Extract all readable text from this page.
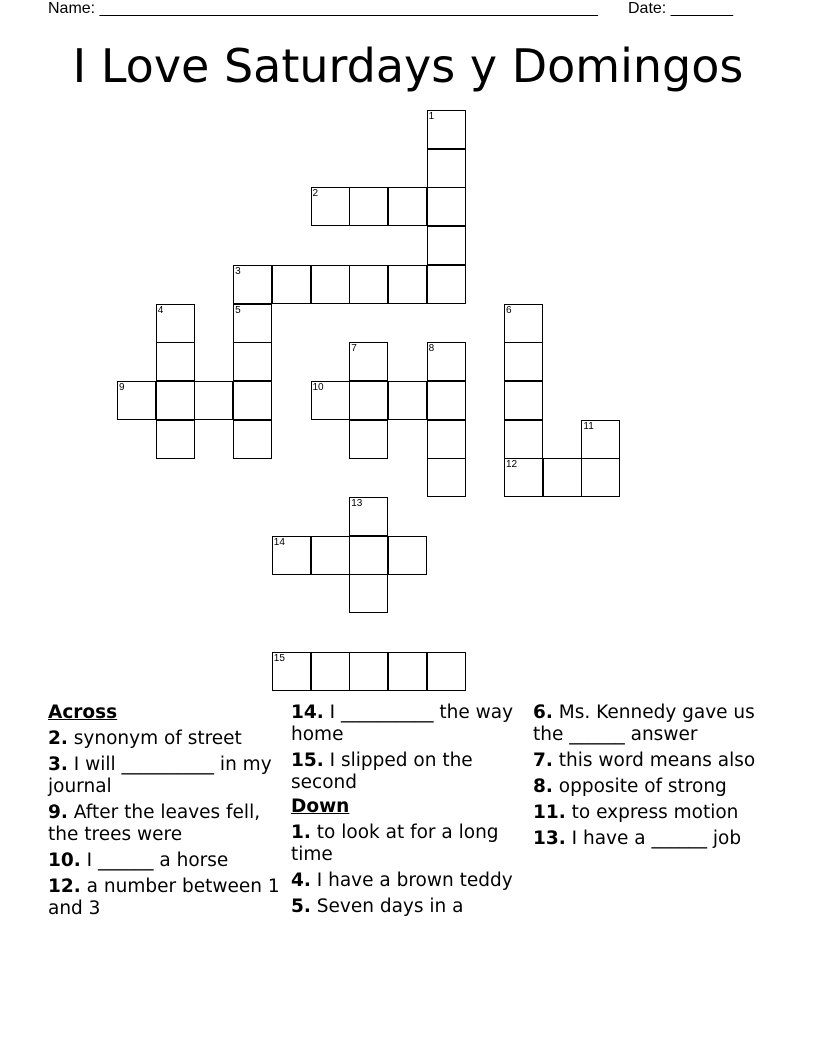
Name: ________________________________________________________ Date: _______
I Love Saturdays y Domingos
1
2
3
4	5	6
7	8
9	10
11
12
13
14
15
Across
2. synonym of street
3. I will __________ in my journal
9. After the leaves fell, the trees were
10. I ______ a horse
12. a number between 1 and 3
14. I __________ the way home
15. I slipped on the second
Down
1. to look at for a long time
4. I have a brown teddy
5. Seven days in a
6. Ms. Kennedy gave us the ______ answer
7. this word means also
8. opposite of strong
11. to express motion
13. I have a ______ job
